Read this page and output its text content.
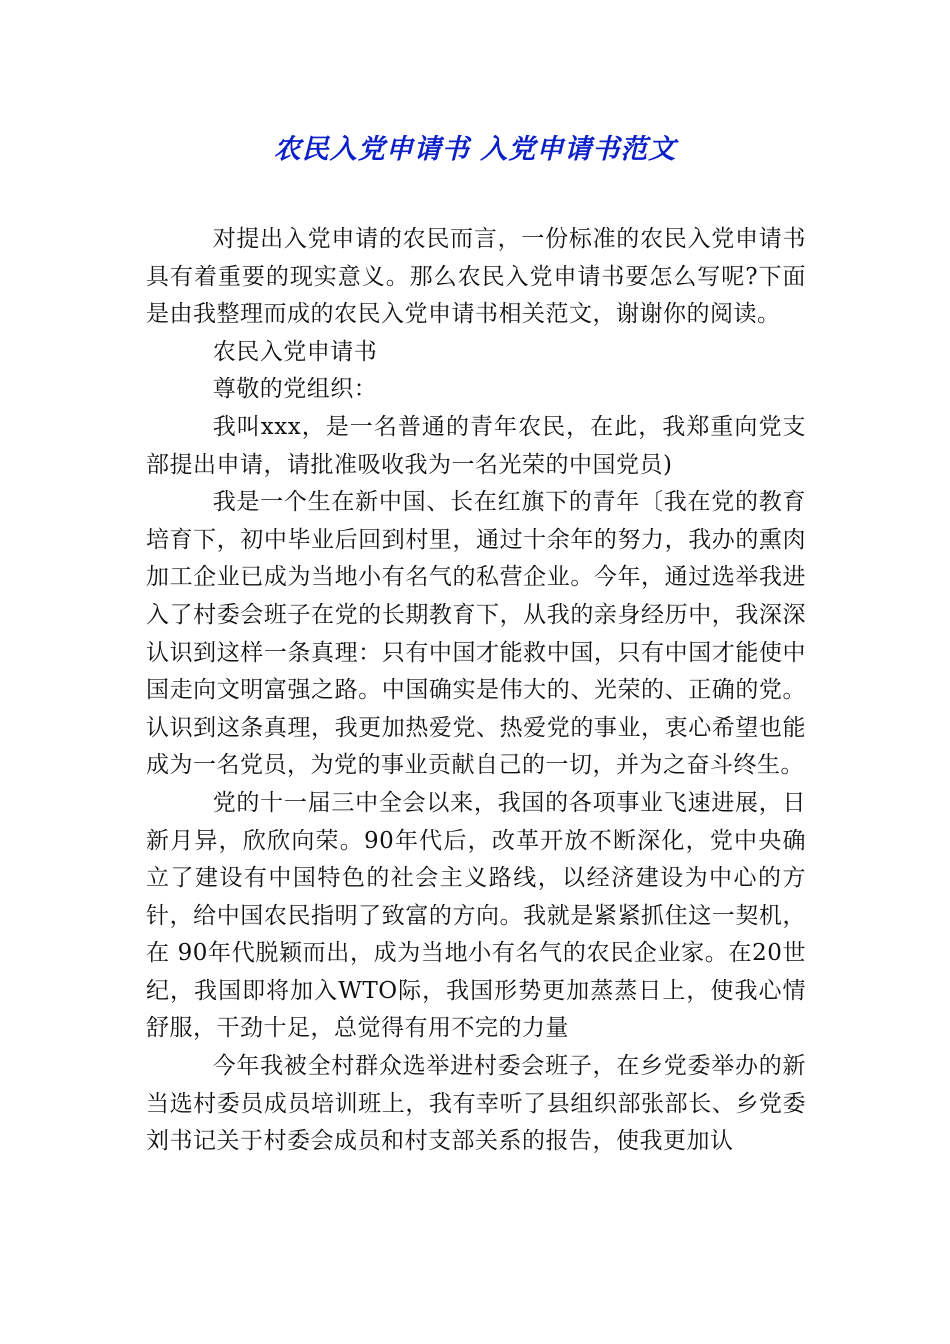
农民入党申请书 入党申请书范文

对提出入党申请的农民而言，一份标准的农民入党申请书具有着重要的现实意义。那么农民入党申请书要怎么写呢?下面是由我整理而成的农民入党申请书相关范文，谢谢你的阅读。

农民入党申请书

尊敬的党组织：

我叫xxx，是一名普通的青年农民，在此，我郑重向党支部提出申请，请批准吸收我为一名光荣的中国党员)

我是一个生在新中国、长在红旗下的青年〔我在党的教育培育下，初中毕业后回到村里，通过十余年的努力，我办的熏肉加工企业已成为当地小有名气的私营企业。今年，通过选举我进入了村委会班子在党的长期教育下，从我的亲身经历中，我深深认识到这样一条真理：只有中国才能救中国，只有中国才能使中国走向文明富强之路。中国确实是伟大的、光荣的、正确的党。认识到这条真理，我更加热爱党、热爱党的事业，衷心希望也能成为一名党员，为党的事业贡献自己的一切，并为之奋斗终生。

党的十一届三中全会以来，我国的各项事业飞速进展，日新月异，欣欣向荣。90年代后，改革开放不断深化，党中央确立了建设有中国特色的社会主义路线，以经济建设为中心的方针，给中国农民指明了致富的方向。我就是紧紧抓住这一契机，在 90年代脱颖而出，成为当地小有名气的农民企业家。在20世纪，我国即将加入WTO际，我国形势更加蒸蒸日上，使我心情舒服，干劲十足，总觉得有用不完的力量

今年我被全村群众选举进村委会班子，在乡党委举办的新当选村委员成员培训班上，我有幸听了县组织部张部长、乡党委刘书记关于村委会成员和村支部关系的报告，使我更加认
